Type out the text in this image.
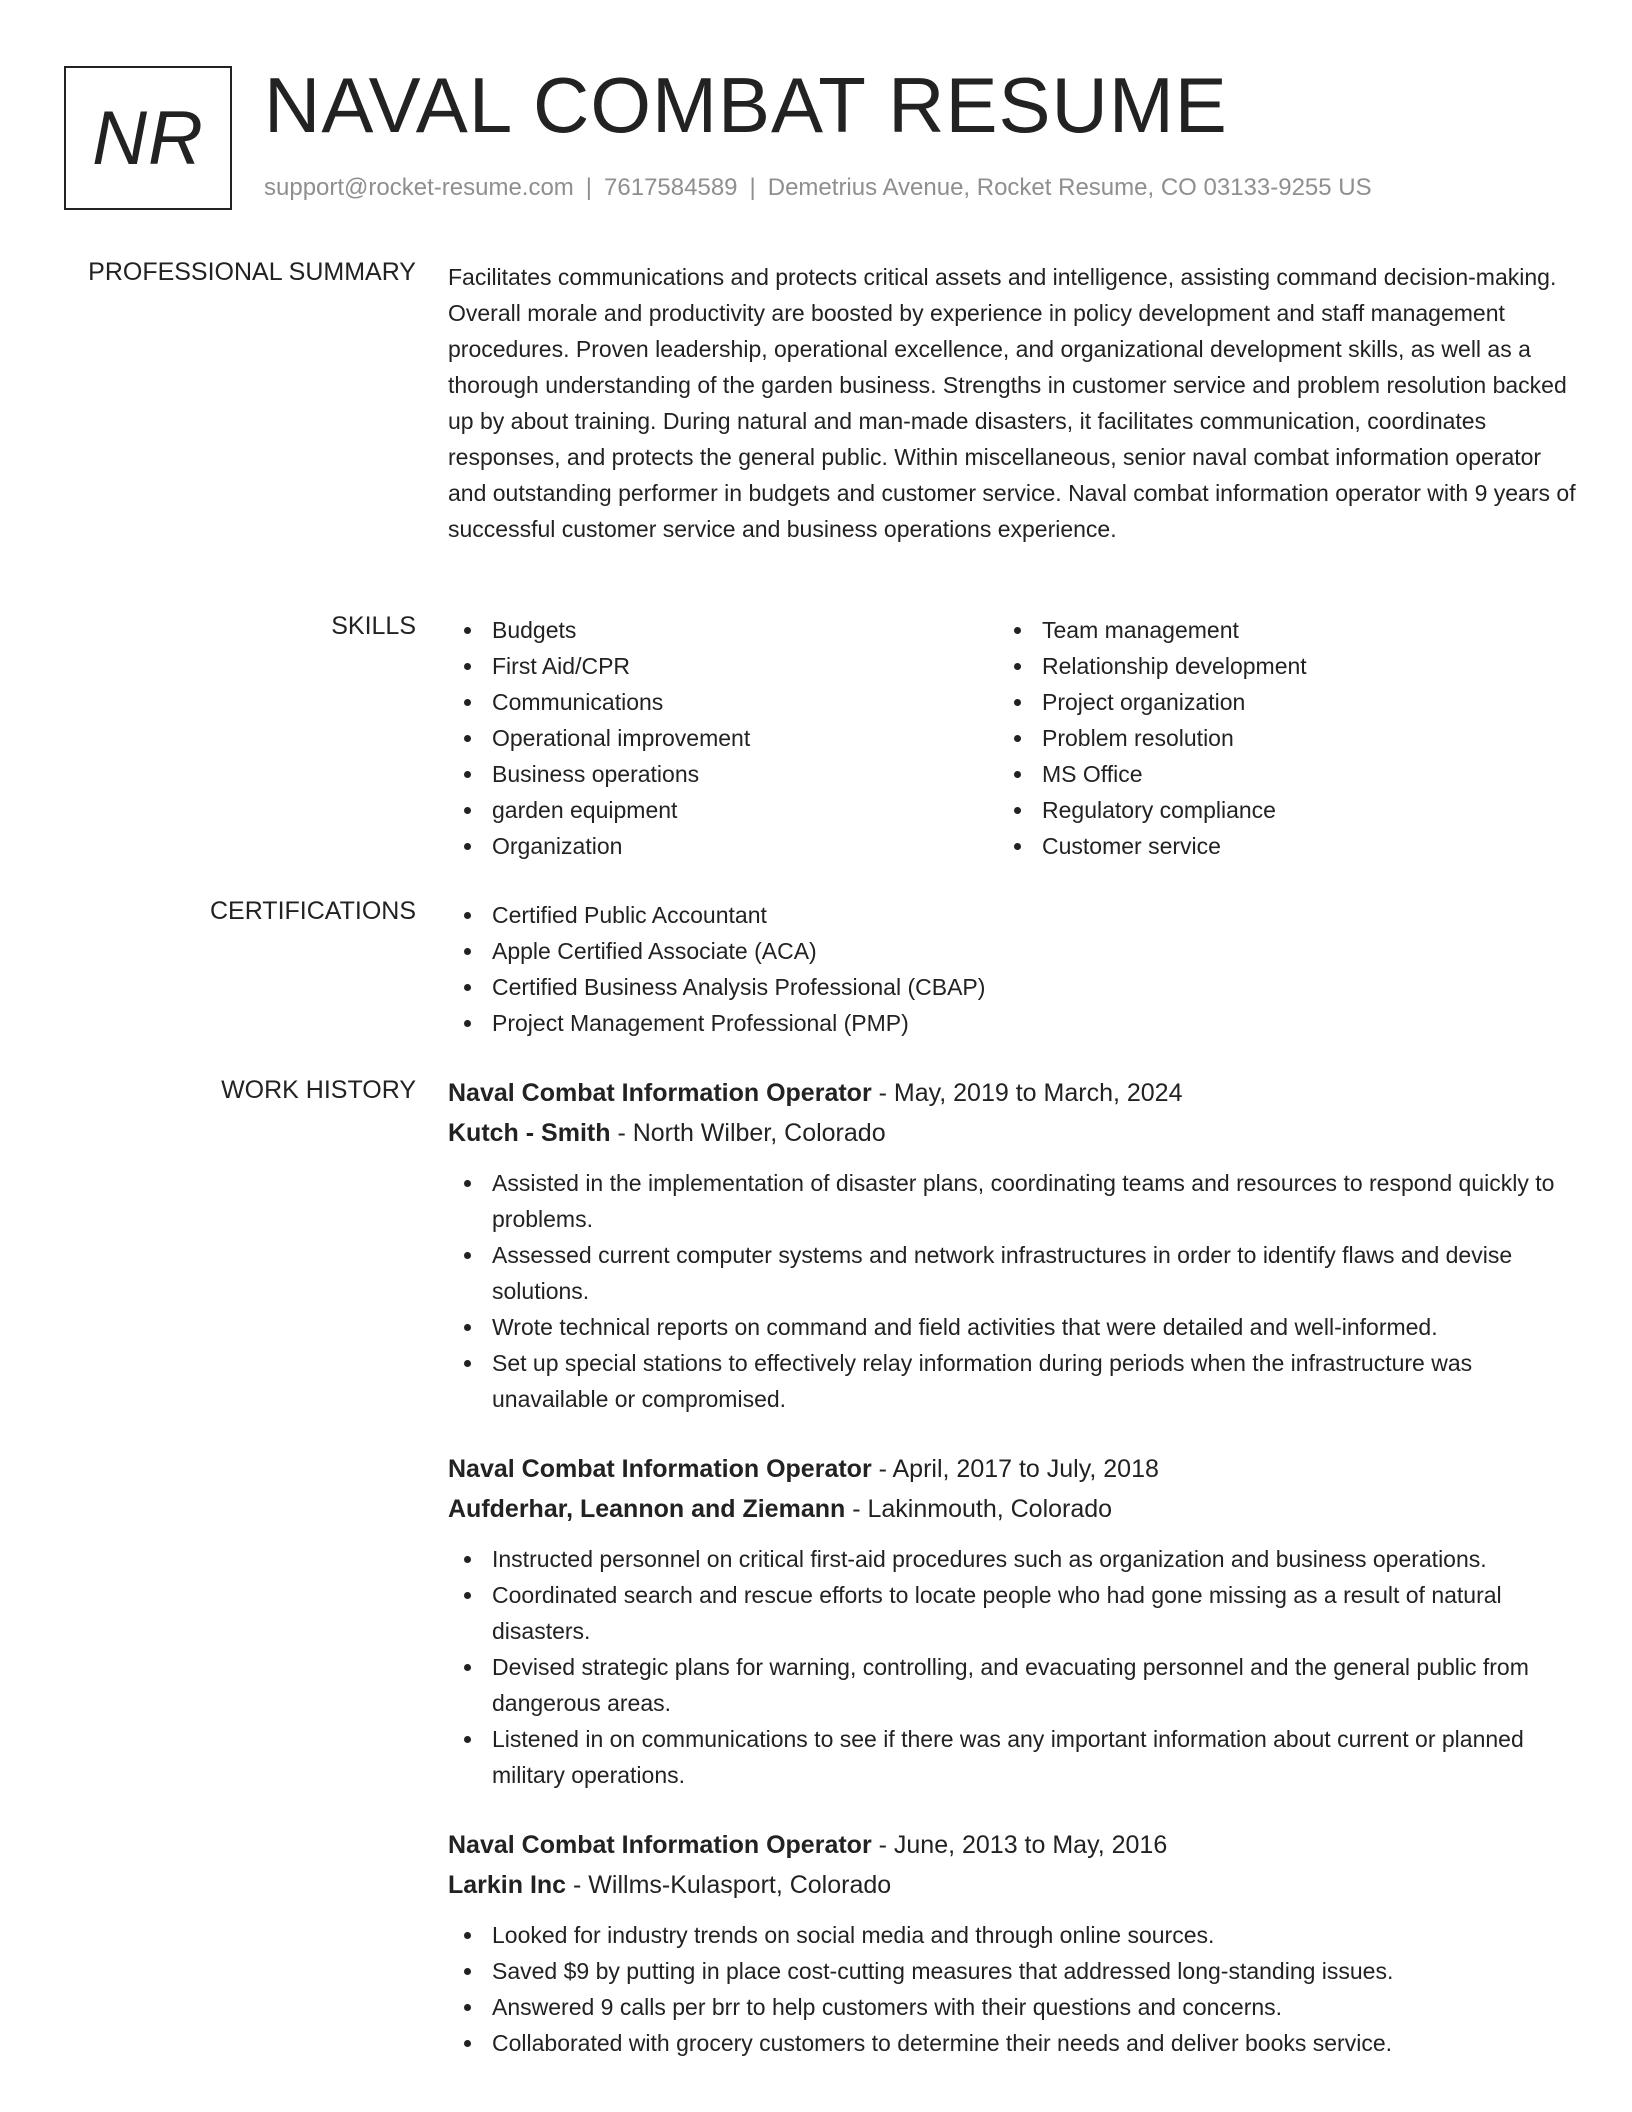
NR NAVAL COMBAT RESUME
support@rocket-resume.com | 7617584589 | Demetrius Avenue, Rocket Resume, CO 03133-9255 US
PROFESSIONAL SUMMARY Facilitates communications and protects critical assets and intelligence, assisting command decision-making. Overall morale and productivity are boosted by experience in policy development and staff management procedures. Proven leadership, operational excellence, and organizational development skills, as well as a thorough understanding of the garden business. Strengths in customer service and problem resolution backed up by about training. During natural and man-made disasters, it facilitates communication, coordinates responses, and protects the general public. Within miscellaneous, senior naval combat information operator and outstanding performer in budgets and customer service. Naval combat information operator with 9 years of successful customer service and business operations experience.
SKILLS	Budgets
First Aid/CPR
Communications
Operational improvement
Business operations
garden equipment
Organization
Team management
Relationship development
Project organization
Problem resolution
MS Office
Regulatory compliance
Customer service
CERTIFICATIONS	Certified Public Accountant
Apple Certified Associate (ACA)
Certified Business Analysis Professional (CBAP)
Project Management Professional (PMP)
WORK HISTORY Naval Combat Information Operator - May, 2019 to March, 2024
Kutch - Smith - North Wilber, Colorado
Assisted in the implementation of disaster plans, coordinating teams and resources to respond quickly to problems.
Assessed current computer systems and network infrastructures in order to identify flaws and devise solutions.
Wrote technical reports on command and field activities that were detailed and well-informed.
Set up special stations to effectively relay information during periods when the infrastructure was unavailable or compromised.
Naval Combat Information Operator - April, 2017 to July, 2018
Aufderhar, Leannon and Ziemann - Lakinmouth, Colorado
Instructed personnel on critical first-aid procedures such as organization and business operations.
Coordinated search and rescue efforts to locate people who had gone missing as a result of natural disasters.
Devised strategic plans for warning, controlling, and evacuating personnel and the general public from dangerous areas.
Listened in on communications to see if there was any important information about current or planned military operations.
Naval Combat Information Operator - June, 2013 to May, 2016
Larkin Inc - Willms-Kulasport, Colorado
Looked for industry trends on social media and through online sources.
Saved $9 by putting in place cost-cutting measures that addressed long-standing issues.
Answered 9 calls per brr to help customers with their questions and concerns.
Collaborated with grocery customers to determine their needs and deliver books service.
